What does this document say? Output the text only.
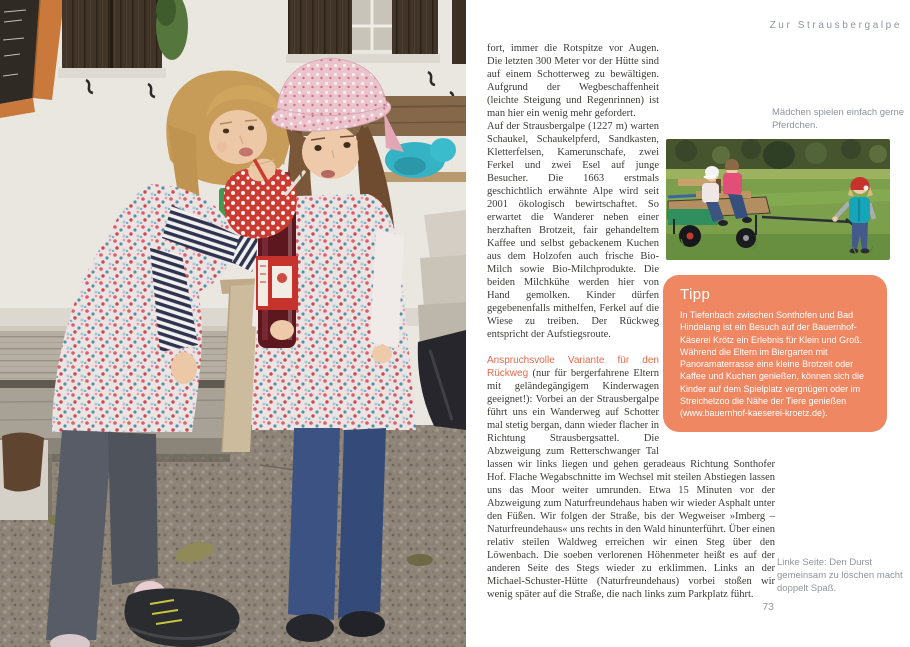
Zur Strausbergalpe

fort, immer die Rotspitze vor Augen. Die letzten 300 Meter vor der Hütte sind auf einem Schotterweg zu bewältigen. Aufgrund der Wegbeschaffenheit (leichte Steigung und Regenrinnen) ist man hier ein wenig mehr gefordert.

Auf der Strausbergalpe (1227 m) warten Schaukel, Schaukelpferd, Sandkasten, Kletterfelsen, Kamerunschafe, zwei Ferkel und zwei Esel auf junge Besucher. Die 1663 erstmals geschichtlich erwähnte Alpe wird seit 2001 ökologisch bewirtschaftet. So erwartet die Wanderer neben einer herzhaften Brotzeit, fair gehandeltem Kaffee und selbst gebackenem Kuchen aus dem Holzofen auch frische Bio-Milch sowie Bio-Milchprodukte. Die beiden Milchkühe werden hier von Hand gemolken. Kinder dürfen gegebenenfalls mithelfen, Ferkel auf die Wiese zu treiben. Der Rückweg entspricht der Aufstiegsroute.

Anspruchsvolle Variante für den Rückweg (nur für bergerfahrene Eltern mit geländegängigem Kinderwagen geeignet!): Vorbei an der Strausbergalpe führt uns ein Wanderweg auf Schotter mal stetig bergan, dann wieder flacher in Richtung Strausbergsattel. Die Abzweigung zum Retterschwanger Tal lassen wir links liegen und gehen geradeaus Richtung Sonthofer Hof. Flache Wegabschnitte im Wechsel mit steilen Abstiegen lassen uns das Moor weiter umrunden. Etwa 15 Minuten vor der Abzweigung zum Naturfreundehaus haben wir wieder Asphalt unter den Füßen. Wir folgen der Straße, bis der Wegweiser »Imberg – Naturfreundehaus« uns rechts in den Wald hinunterführt. Über einen relativ steilen Waldweg erreichen wir einen Steg über den Löwenbach. Die soeben verlorenen Höhenmeter heißt es auf der anderen Seite des Stegs wieder zu erklimmen. Links an der Michael-Schuster-Hütte (Naturfreundehaus) vorbei stoßen wir wenig später auf die Straße, die nach links zum Parkplatz führt.

Tipp

In Tiefenbach zwischen Sonthofen und Bad Hindelang ist ein Besuch auf der Bauernhof-Käserei Krötz ein Erlebnis für Klein und Groß. Während die Eltern im Biergarten mit Panoramaterrasse eine kleine Brotzeit oder Kaffee und Kuchen genießen, können sich die Kinder auf dem Spielplatz vergnügen oder im Streichelzoo die Nähe der Tiere genießen (www.bauernhof-kaeserei-kroetz.de).

Mädchen spielen einfach gerne Pferdchen.
Linke Seite: Den Durst gemeinsam zu löschen macht doppelt Spaß.
73
